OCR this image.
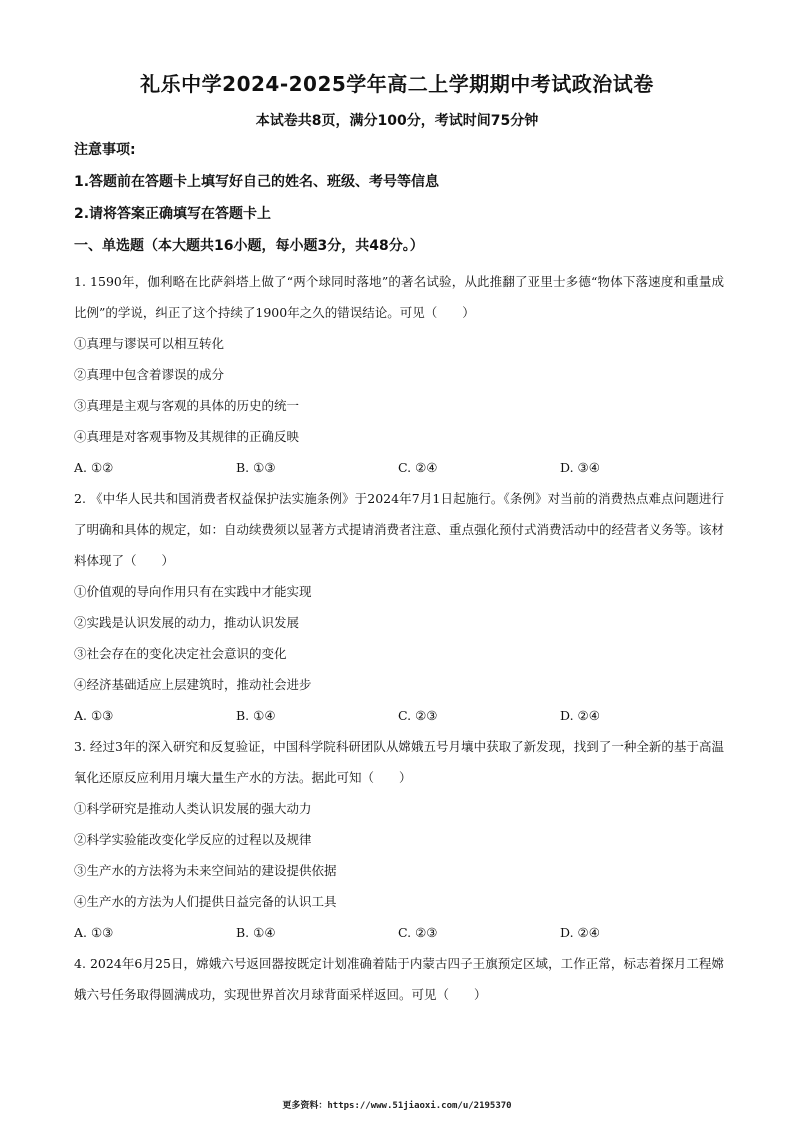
礼乐中学2024-2025学年高二上学期期中考试政治试卷
本试卷共8页，满分100分，考试时间75分钟
注意事项:
1.答题前在答题卡上填写好自己的姓名、班级、考号等信息
2.请将答案正确填写在答题卡上
一、单选题（本大题共16小题，每小题3分，共48分。）
1. 1590年，伽利略在比萨斜塔上做了“两个球同时落地”的著名试验，从此推翻了亚里士多德“物体下落速度和重量成比例”的学说，纠正了这个持续了1900年之久的错误结论。可见（　　）
①真理与谬误可以相互转化
②真理中包含着谬误的成分
③真理是主观与客观的具体的历史的统一
④真理是对客观事物及其规律的正确反映
A. ①②	B. ①③	C. ②④	D. ③④
2. 《中华人民共和国消费者权益保护法实施条例》于2024年7月1日起施行。《条例》对当前的消费热点难点问题进行了明确和具体的规定，如：自动续费须以显著方式提请消费者注意、重点强化预付式消费活动中的经营者义务等。该材料体现了（　　）
①价值观的导向作用只有在实践中才能实现
②实践是认识发展的动力，推动认识发展
③社会存在的变化决定社会意识的变化
④经济基础适应上层建筑时，推动社会进步
A. ①③	B. ①④	C. ②③	D. ②④
3. 经过3年的深入研究和反复验证，中国科学院科研团队从嫦娥五号月壤中获取了新发现，找到了一种全新的基于高温氧化还原反应利用月壤大量生产水的方法。据此可知（　　）
①科学研究是推动人类认识发展的强大动力
②科学实验能改变化学反应的过程以及规律
③生产水的方法将为未来空间站的建设提供依据
④生产水的方法为人们提供日益完备的认识工具
A. ①③	B. ①④	C. ②③	D. ②④
4. 2024年6月25日，嫦娥六号返回器按既定计划准确着陆于内蒙古四子王旗预定区域，工作正常，标志着探月工程嫦娥六号任务取得圆满成功，实现世界首次月球背面采样返回。可见（　　）
更多资料：https://www.51jiaoxi.com/u/2195370
